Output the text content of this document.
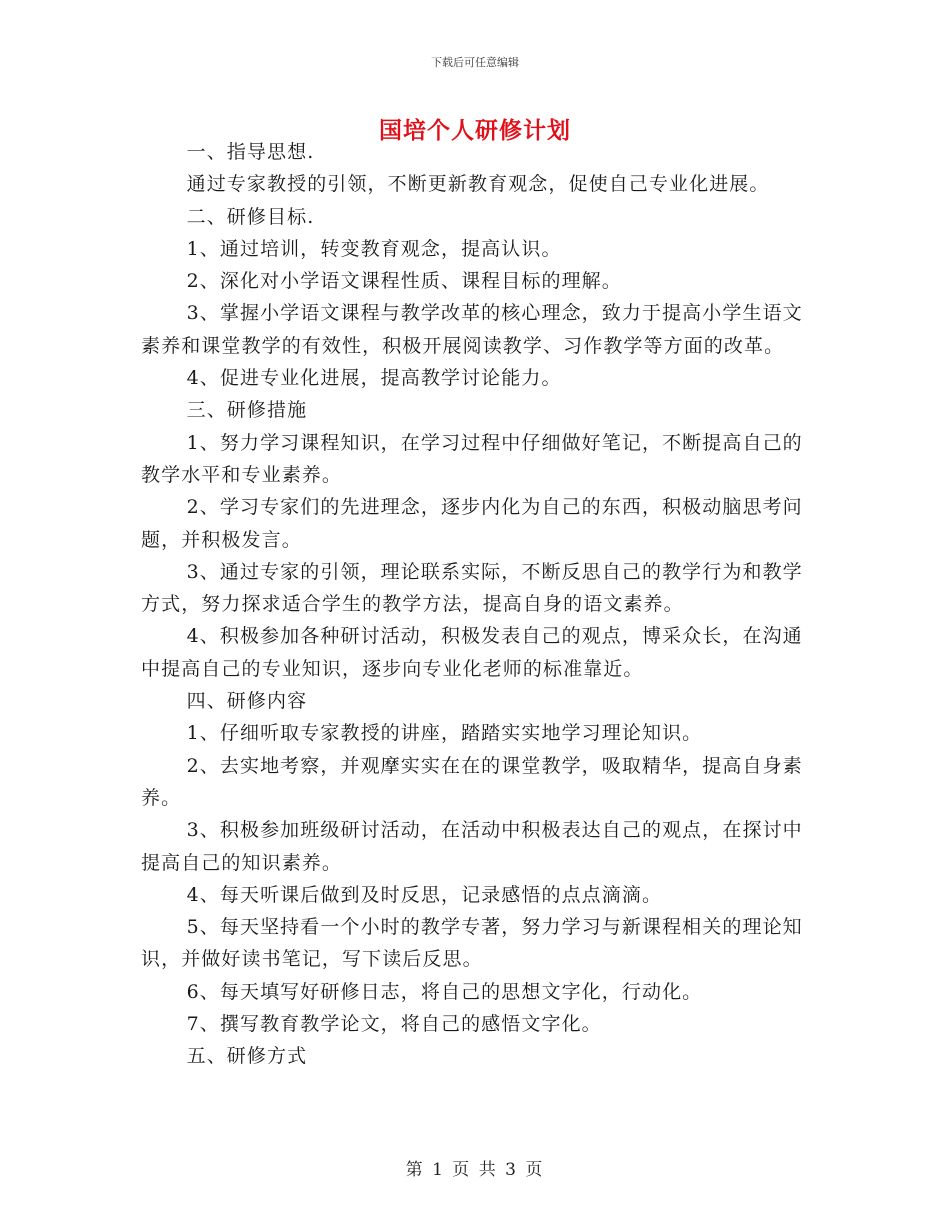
下载后可任意编辑
国培个人研修计划

一、指导思想.

通过专家教授的引领，不断更新教育观念，促使自己专业化进展。

二、研修目标.

1、通过培训，转变教育观念，提高认识。

2、深化对小学语文课程性质、课程目标的理解。

3、掌握小学语文课程与教学改革的核心理念，致力于提高小学生语文素养和课堂教学的有效性，积极开展阅读教学、习作教学等方面的改革。

4、促进专业化进展，提高教学讨论能力。

三、研修措施

1、努力学习课程知识，在学习过程中仔细做好笔记，不断提高自己的教学水平和专业素养。

2、学习专家们的先进理念，逐步内化为自己的东西，积极动脑思考问题，并积极发言。

3、通过专家的引领，理论联系实际，不断反思自己的教学行为和教学方式，努力探求适合学生的教学方法，提高自身的语文素养。

4、积极参加各种研讨活动，积极发表自己的观点，博采众长，在沟通中提高自己的专业知识，逐步向专业化老师的标准靠近。

四、研修内容

1、仔细听取专家教授的讲座，踏踏实实地学习理论知识。

2、去实地考察，并观摩实实在在的课堂教学，吸取精华，提高自身素养。

3、积极参加班级研讨活动，在活动中积极表达自己的观点，在探讨中提高自己的知识素养。

4、每天听课后做到及时反思，记录感悟的点点滴滴。

5、每天坚持看一个小时的教学专著，努力学习与新课程相关的理论知识，并做好读书笔记，写下读后反思。

6、每天填写好研修日志，将自己的思想文字化，行动化。

7、撰写教育教学论文，将自己的感悟文字化。

五、研修方式

第 1 页 共 3 页
